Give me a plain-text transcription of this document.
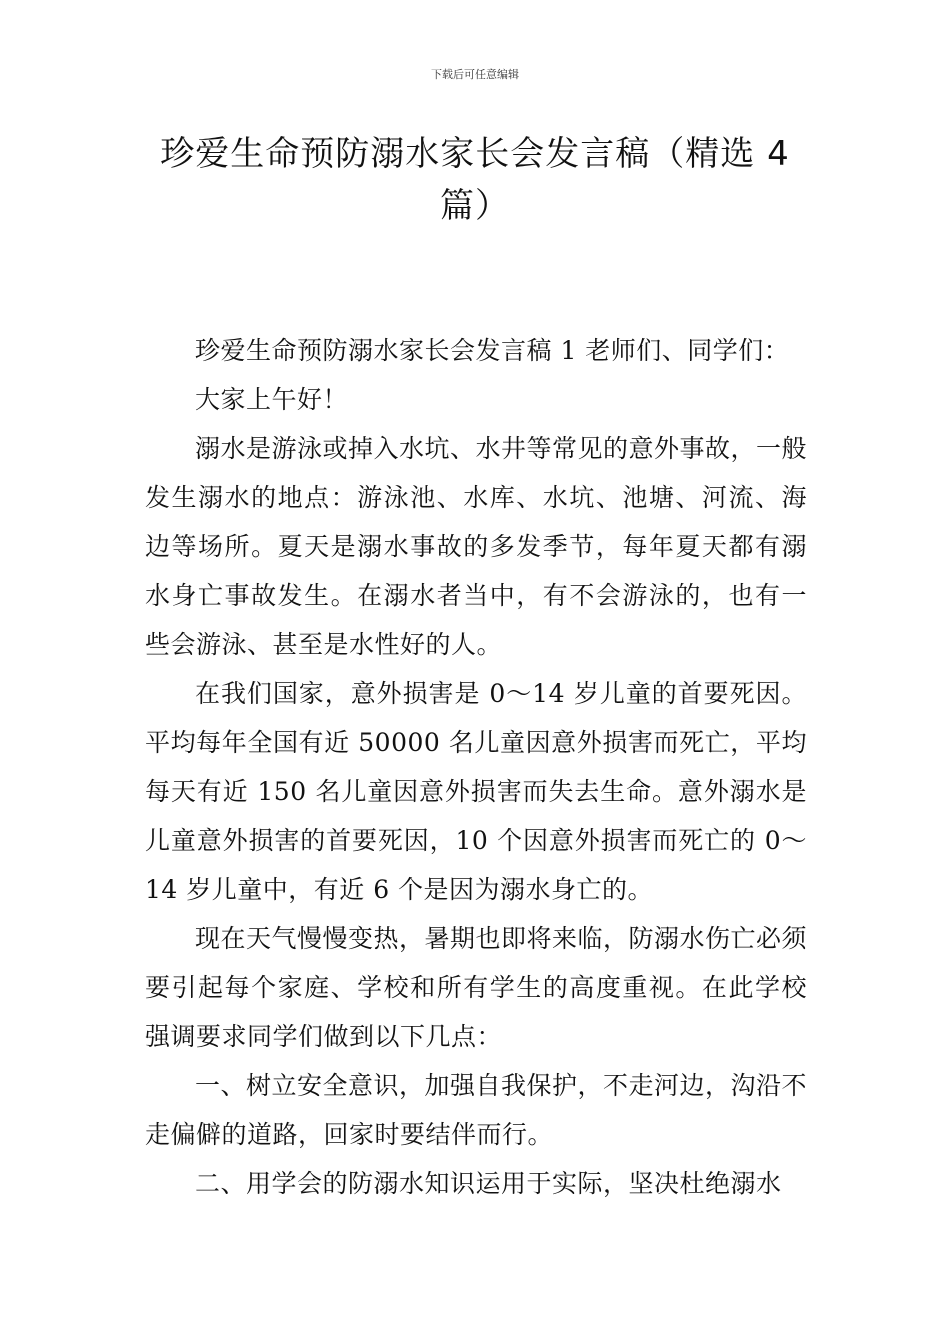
下载后可任意编辑
珍爱生命预防溺水家长会发言稿（精选 4 篇）

珍爱生命预防溺水家长会发言稿 1 老师们、同学们：

大家上午好！

溺水是游泳或掉入水坑、水井等常见的意外事故，一般发生溺水的地点：游泳池、水库、水坑、池塘、河流、海边等场所。夏天是溺水事故的多发季节，每年夏天都有溺水身亡事故发生。在溺水者当中，有不会游泳的，也有一些会游泳、甚至是水性好的人。

在我们国家，意外损害是 0～14 岁儿童的首要死因。平均每年全国有近 50000 名儿童因意外损害而死亡，平均每天有近 150 名儿童因意外损害而失去生命。意外溺水是儿童意外损害的首要死因，10 个因意外损害而死亡的 0～14 岁儿童中，有近 6 个是因为溺水身亡的。

现在天气慢慢变热，暑期也即将来临，防溺水伤亡必须要引起每个家庭、学校和所有学生的高度重视。在此学校强调要求同学们做到以下几点：

一、树立安全意识，加强自我保护，不走河边，沟沿不走偏僻的道路，回家时要结伴而行。

二、用学会的防溺水知识运用于实际，坚决杜绝溺水
